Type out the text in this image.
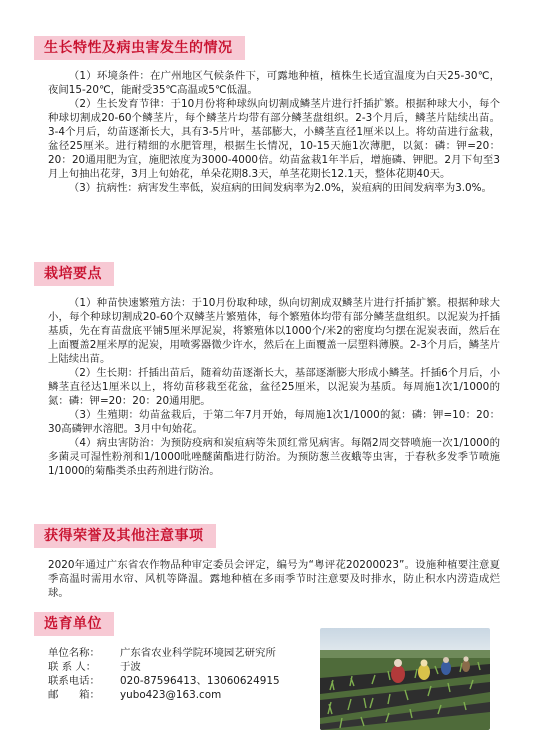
生长特性及病虫害发生的情况

（1）环境条件：在广州地区气候条件下，可露地种植，植株生长适宜温度为白天25-30℃，夜间15-20℃，能耐受35℃高温或5℃低温。

（2）生长发育节律：于10月份将种球纵向切割成鳞茎片进行扦插扩繁。根据种球大小，每个种球切割成20-60个鳞茎片，每个鳞茎片均带有部分鳞茎盘组织。2-3个月后，鳞茎片陆续出苗。3-4个月后，幼苗逐渐长大，具有3-5片叶，基部膨大，小鳞茎直径1厘米以上。将幼苗进行盆栽，盆径25厘米。进行精细的水肥管理，根据生长情况，10-15天施1次薄肥，以氮：磷：钾=20：20：20通用肥为宜，施肥浓度为3000-4000倍。幼苗盆栽1年半后，增施磷、钾肥。2月下旬至3月上旬抽出花芽，3月上旬始花，单朵花期8.3天，单茎花期长12.1天，整体花期40天。

（3）抗病性：病害发生率低，炭疽病的田间发病率为2.0%，炭疽病的田间发病率为3.0%。

栽培要点

（1）种苗快速繁殖方法：于10月份取种球，纵向切割成双鳞茎片进行扦插扩繁。根据种球大小，每个种球切割成20-60个双鳞茎片繁殖体，每个繁殖体均带有部分鳞茎盘组织。以泥炭为扦插基质，先在育苗盘底平铺5厘米厚泥炭，将繁殖体以1000个/米2的密度均匀摆在泥炭表面，然后在上面覆盖2厘米厚的泥炭，用喷雾器微少许水，然后在上面覆盖一层塑料薄膜。2-3个月后，鳞茎片上陆续出苗。

（2）生长期：扦插出苗后，随着幼苗逐渐长大，基部逐渐膨大形成小鳞茎。扦插6个月后，小鳞茎直径达1厘米以上，将幼苗移栽至花盆，盆径25厘米，以泥炭为基质。每周施1次1/1000的氮：磷：钾=20：20：20通用肥。

（3）生殖期：幼苗盆栽后，于第二年7月开始，每周施1次1/1000的氮：磷：钾=10：20：30高磷钾水溶肥。3月中旬始花。

（4）病虫害防治：为预防疫病和炭疽病等朱顶红常见病害。每隔2周交替喷施一次1/1000的多菌灵可湿性粉剂和1/1000吡唑醚菌酯进行防治。为预防葱兰夜蛾等虫害，于春秋多发季节喷施1/1000的菊酯类杀虫药剂进行防治。

获得荣誉及其他注意事项

2020年通过广东省农作物品种审定委员会评定，编号为“粤评花20200023”。设施种植要注意夏季高温时需用水帘、风机等降温。露地种植在多雨季节时注意要及时排水，防止积水内涝造成烂球。

选育单位
单位名称：	广东省农业科学院环境园艺研究所
联 系 人：	于波
联系电话：	020-87596413、13060624915
邮　　箱：	yubo423@163.com
